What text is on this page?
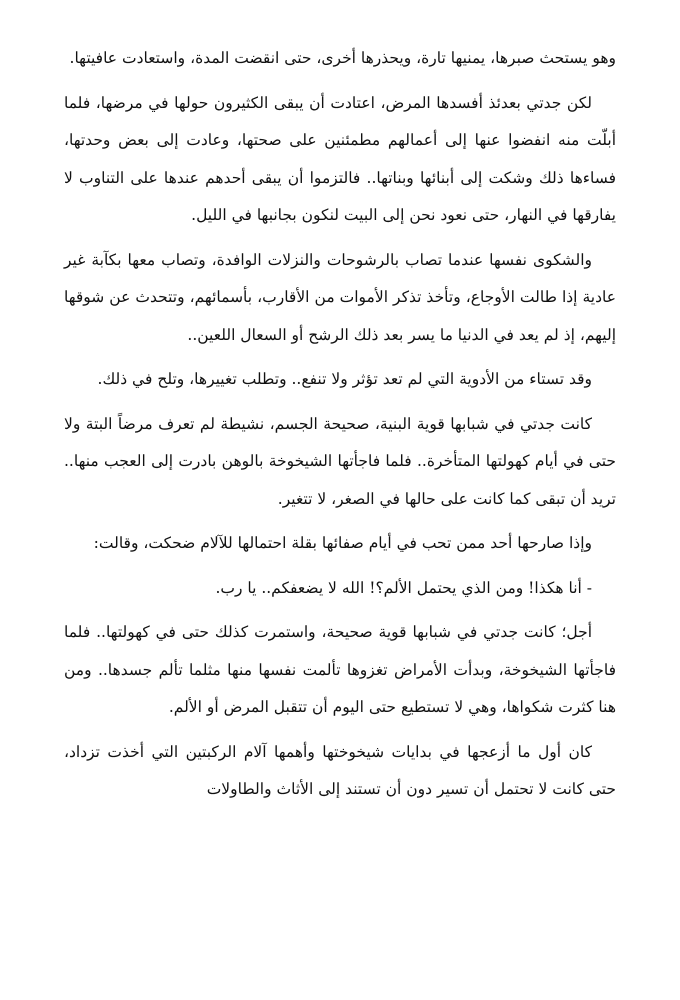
وهو يستحث صبرها، يمنيها تارة، ويحذرها أخرى، حتى انقضت المدة، واستعادت عافيتها.

لكن جدتي بعدئذ أفسدها المرض، اعتادت أن يبقى الكثيرون حولها في مرضها، فلما أبلّت منه انفضوا عنها إلى أعمالهم مطمئنين على صحتها، وعادت إلى بعض وحدتها، فساءها ذلك وشكت إلى أبنائها وبناتها.. فالتزموا أن يبقى أحدهم عندها على التناوب لا يفارقها في النهار، حتى نعود نحن إلى البيت لنكون بجانبها في الليل.

والشكوى نفسها عندما تصاب بالرشوحات والنزلات الوافدة، وتصاب معها بكآبة غير عادية إذا طالت الأوجاع، وتأخذ تذكر الأموات من الأقارب، بأسمائهم، وتتحدث عن شوقها إليهم، إذ لم يعد في الدنيا ما يسر بعد ذلك الرشح أو السعال اللعين..

وقد تستاء من الأدوية التي لم تعد تؤثر ولا تنفع.. وتطلب تغييرها، وتلح في ذلك.

كانت جدتي في شبابها قوية البنية، صحيحة الجسم، نشيطة لم تعرف مرضاً البتة ولا حتى في أيام كهولتها المتأخرة.. فلما فاجأتها الشيخوخة بالوهن بادرت إلى العجب منها.. تريد أن تبقى كما كانت على حالها في الصغر، لا تتغير.

وإذا صارحها أحد ممن تحب في أيام صفائها بقلة احتمالها للآلام ضحكت، وقالت:

- أنا هكذا! ومن الذي يحتمل الألم؟! الله لا يضعفكم.. يا رب.

أجل؛ كانت جدتي في شبابها قوية صحيحة، واستمرت كذلك حتى في كهولتها.. فلما فاجأتها الشيخوخة، وبدأت الأمراض تغزوها تألمت نفسها منها مثلما تألم جسدها.. ومن هنا كثرت شكواها، وهي لا تستطيع حتى اليوم أن تتقبل المرض أو الألم.

كان أول ما أزعجها في بدايات شيخوختها وأهمها آلام الركبتين التي أخذت تزداد، حتى كانت لا تحتمل أن تسير دون أن تستند إلى الأثاث والطاولات
